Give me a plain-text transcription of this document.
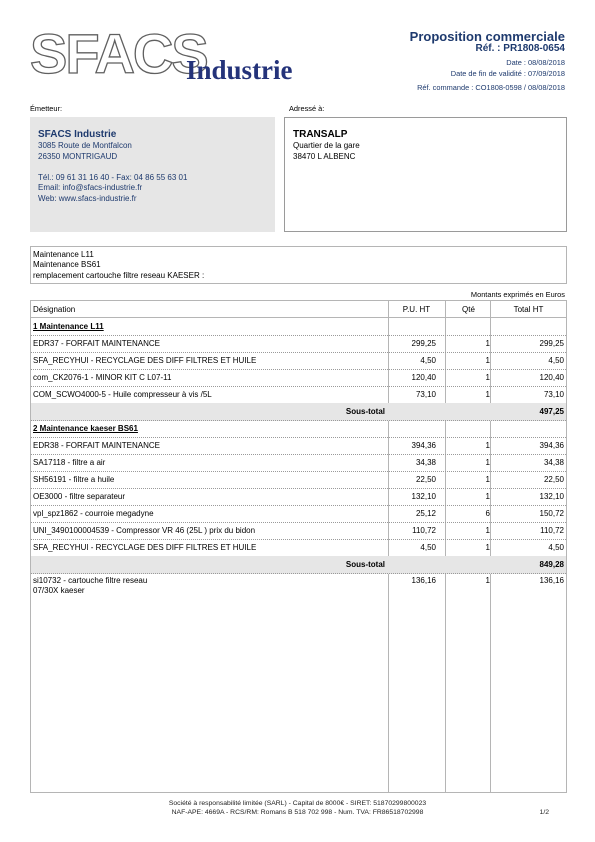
SFACS
Industrie
Proposition commerciale
Réf. : PR1808-0654
Date : 08/08/2018
Date de fin de validité : 07/09/2018
Réf. commande : CO1808-0598 / 08/08/2018
Émetteur:
SFACS Industrie
3085 Route de Montfalcon
26350 MONTRIGAUD
Tél.: 09 61 31 16 40 - Fax: 04 86 55 63 01
Email: info@sfacs-industrie.fr
Web: www.sfacs-industrie.fr
Adressé à:
TRANSALP
Quartier de la gare
38470 L ALBENC
Maintenance L11
Maintenance BS61
remplacement cartouche filtre reseau KAESER :
Montants exprimés en Euros
Désignation	P.U. HT	Qté	Total HT
1 Maintenance L11
EDR37 - FORFAIT MAINTENANCE	299,25	1	299,25
SFA_RECYHUI - RECYCLAGE DES DIFF FILTRES ET HUILE	4,50	1	4,50
com_CK2076-1 - MINOR KIT C L07-11	120,40	1	120,40
COM_SCWO4000-5 - Huile compresseur à vis /5L	73,10	1	73,10
Sous-total	497,25
2 Maintenance kaeser BS61
EDR38 - FORFAIT MAINTENANCE	394,36	1	394,36
SA17118 - filtre a air	34,38	1	34,38
SH56191 - filtre a huile	22,50	1	22,50
OE3000 - filtre separateur	132,10	1	132,10
vpl_spz1862 - courroie megadyne	25,12	6	150,72
UNI_3490100004539 - Compressor VR 46 (25L ) prix du bidon	110,72	1	110,72
SFA_RECYHUI - RECYCLAGE DES DIFF FILTRES ET HUILE	4,50	1	4,50
Sous-total	849,28
si10732 - cartouche filtre reseau
07/30X kaeser
136,16	1	136,16
Société à responsabilité limitée (SARL) - Capital de 8000€ - SIRET: 51870299800023
NAF-APE: 4669A - RCS/RM: Romans B 518 702 998 - Num. TVA: FR86518702998	1/2
